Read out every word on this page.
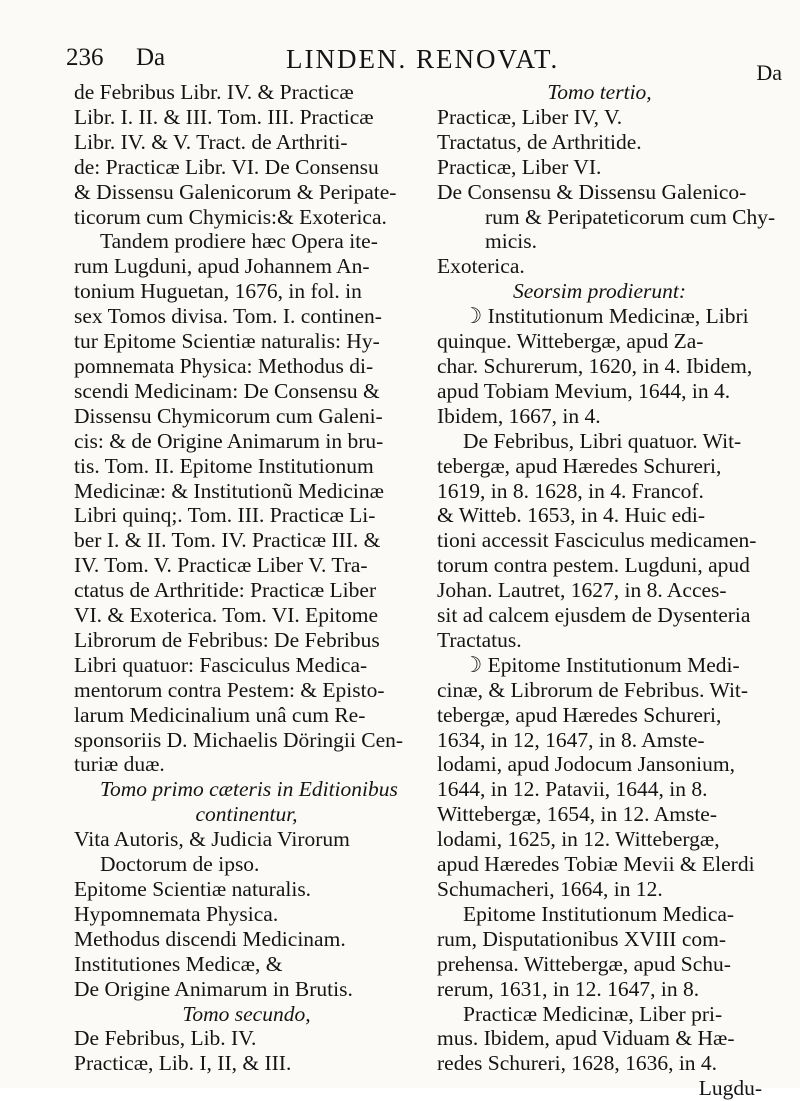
236 Da	LINDEN. RENOVAT.	Da

de Febribus Libr. IV. & Practicæ

Libr. I. II. & III. Tom. III. Practicæ

Libr. IV. & V. Tract. de Arthriti-

de: Practicæ Libr. VI. De Consensu

& Dissensu Galenicorum & Peripate-

ticorum cum Chymicis:& Exoterica.

Tandem prodiere hæc Opera ite-

rum Lugduni, apud Johannem An-

tonium Huguetan, 1676, in fol. in

sex Tomos divisa. Tom. I. continen-

tur Epitome Scientiæ naturalis: Hy-

pomnemata Physica: Methodus di-

scendi Medicinam: De Consensu &

Dissensu Chymicorum cum Galeni-

cis: & de Origine Animarum in bru-

tis. Tom. II. Epitome Institutionum

Medicinæ: & Institutionũ Medicinæ

Libri quinq;. Tom. III. Practicæ Li-

ber I. & II. Tom. IV. Practicæ III. &

IV. Tom. V. Practicæ Liber V. Tra-

ctatus de Arthritide: Practicæ Liber

VI. & Exoterica. Tom. VI. Epitome

Librorum de Febribus: De Febribus

Libri quatuor: Fasciculus Medica-

mentorum contra Pestem: & Episto-

larum Medicinalium unâ cum Re-

sponsoriis D. Michaelis Döringii Cen-

turiæ duæ.

Tomo primo cæteris in Editionibus

continentur,

Vita Autoris, & Judicia Virorum

Doctorum de ipso.

Epitome Scientiæ naturalis.

Hypomnemata Physica.

Methodus discendi Medicinam.

Institutiones Medicæ, &

De Origine Animarum in Brutis.

Tomo secundo,

De Febribus, Lib. IV.

Practicæ, Lib. I, II, & III.

Tomo tertio,

Practicæ, Liber IV, V.

Tractatus, de Arthritide.

Practicæ, Liber VI.

De Consensu & Dissensu Galenico-

rum & Peripateticorum cum Chy-

micis.

Exoterica.

Seorsim prodierunt:

☽ Institutionum Medicinæ, Libri

quinque. Wittebergæ, apud Za-

char. Schurerum, 1620, in 4. Ibidem,

apud Tobiam Mevium, 1644, in 4.

Ibidem, 1667, in 4.

De Febribus, Libri quatuor. Wit-

tebergæ, apud Hæredes Schureri,

1619, in 8. 1628, in 4. Francof.

& Witteb. 1653, in 4. Huic edi-

tioni accessit Fasciculus medicamen-

torum contra pestem. Lugduni, apud

Johan. Lautret, 1627, in 8. Acces-

sit ad calcem ejusdem de Dysenteria

Tractatus.

☽ Epitome Institutionum Medi-

cinæ, & Librorum de Febribus. Wit-

tebergæ, apud Hæredes Schureri,

1634, in 12, 1647, in 8. Amste-

lodami, apud Jodocum Jansonium,

1644, in 12. Patavii, 1644, in 8.

Wittebergæ, 1654, in 12. Amste-

lodami, 1625, in 12. Wittebergæ,

apud Hæredes Tobiæ Mevii & Elerdi

Schumacheri, 1664, in 12.

Epitome Institutionum Medica-

rum, Disputationibus XVIII com-

prehensa. Wittebergæ, apud Schu-

rerum, 1631, in 12. 1647, in 8.

Practicæ Medicinæ, Liber pri-

mus. Ibidem, apud Viduam & Hæ-

redes Schureri, 1628, 1636, in 4.

Lugdu-
